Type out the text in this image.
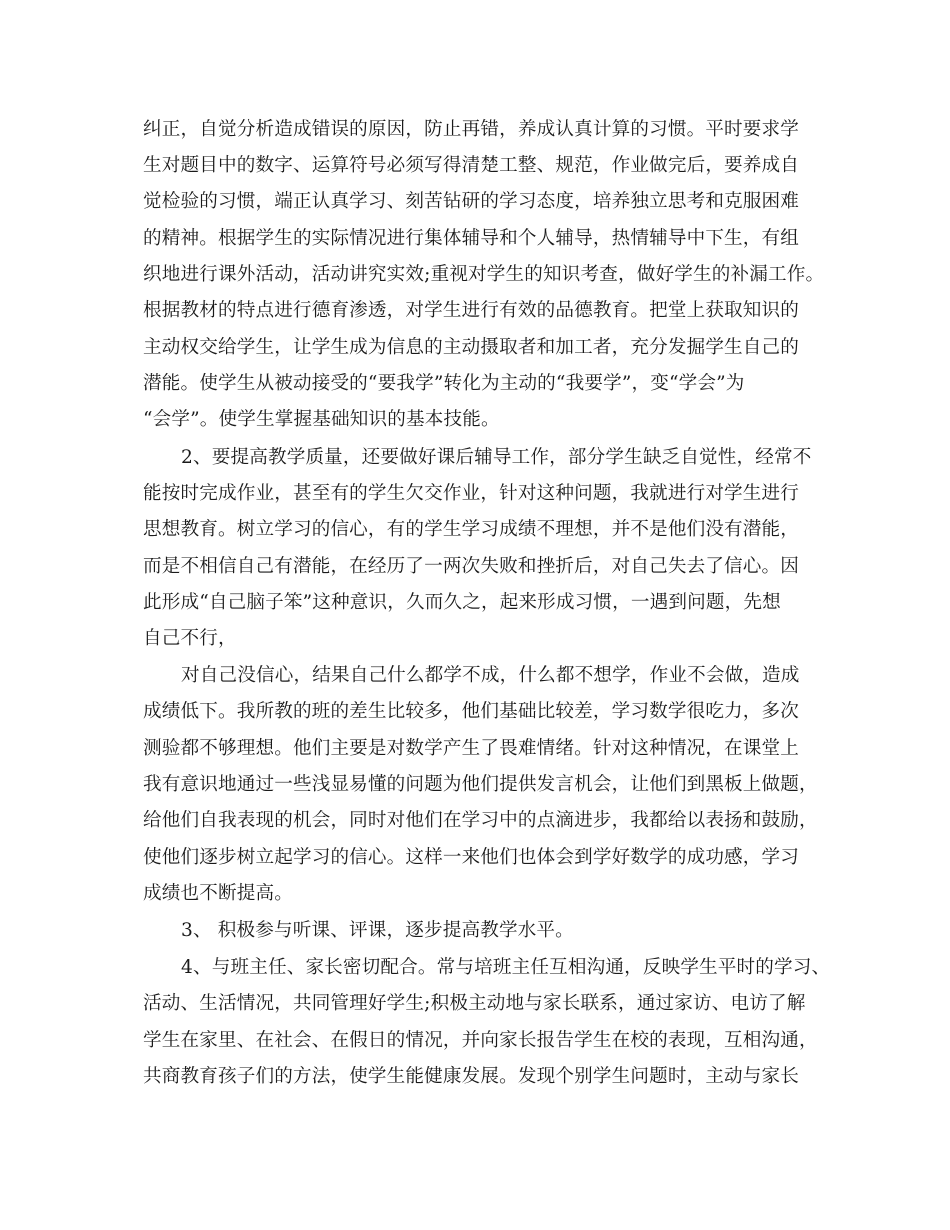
纠正，自觉分析造成错误的原因，防止再错，养成认真计算的习惯。平时要求学
生对题目中的数字、运算符号必须写得清楚工整、规范，作业做完后，要养成自
觉检验的习惯，端正认真学习、刻苦钻研的学习态度，培养独立思考和克服困难
的精神。根据学生的实际情况进行集体辅导和个人辅导，热情辅导中下生，有组
织地进行课外活动，活动讲究实效;重视对学生的知识考查，做好学生的补漏工作。
根据教材的特点进行德育渗透，对学生进行有效的品德教育。把堂上获取知识的
主动权交给学生，让学生成为信息的主动摄取者和加工者，充分发掘学生自己的
潜能。使学生从被动接受的“要我学”转化为主动的“我要学”，变“学会”为
“会学”。使学生掌握基础知识的基本技能。
2、要提高教学质量，还要做好课后辅导工作，部分学生缺乏自觉性，经常不
能按时完成作业，甚至有的学生欠交作业，针对这种问题，我就进行对学生进行
思想教育。树立学习的信心，有的学生学习成绩不理想，并不是他们没有潜能，
而是不相信自己有潜能，在经历了一两次失败和挫折后，对自己失去了信心。因
此形成“自己脑子笨”这种意识，久而久之，起来形成习惯，一遇到问题，先想
自己不行，
对自己没信心，结果自己什么都学不成，什么都不想学，作业不会做，造成
成绩低下。我所教的班的差生比较多，他们基础比较差，学习数学很吃力，多次
测验都不够理想。他们主要是对数学产生了畏难情绪。针对这种情况，在课堂上
我有意识地通过一些浅显易懂的问题为他们提供发言机会，让他们到黑板上做题，
给他们自我表现的机会，同时对他们在学习中的点滴进步，我都给以表扬和鼓励，
使他们逐步树立起学习的信心。这样一来他们也体会到学好数学的成功感，学习
成绩也不断提高。
3、 积极参与听课、评课，逐步提高教学水平。
4、与班主任、家长密切配合。常与培班主任互相沟通，反映学生平时的学习、
活动、生活情况，共同管理好学生;积极主动地与家长联系，通过家访、电访了解
学生在家里、在社会、在假日的情况，并向家长报告学生在校的表现，互相沟通，
共商教育孩子们的方法，使学生能健康发展。发现个别学生问题时，主动与家长
